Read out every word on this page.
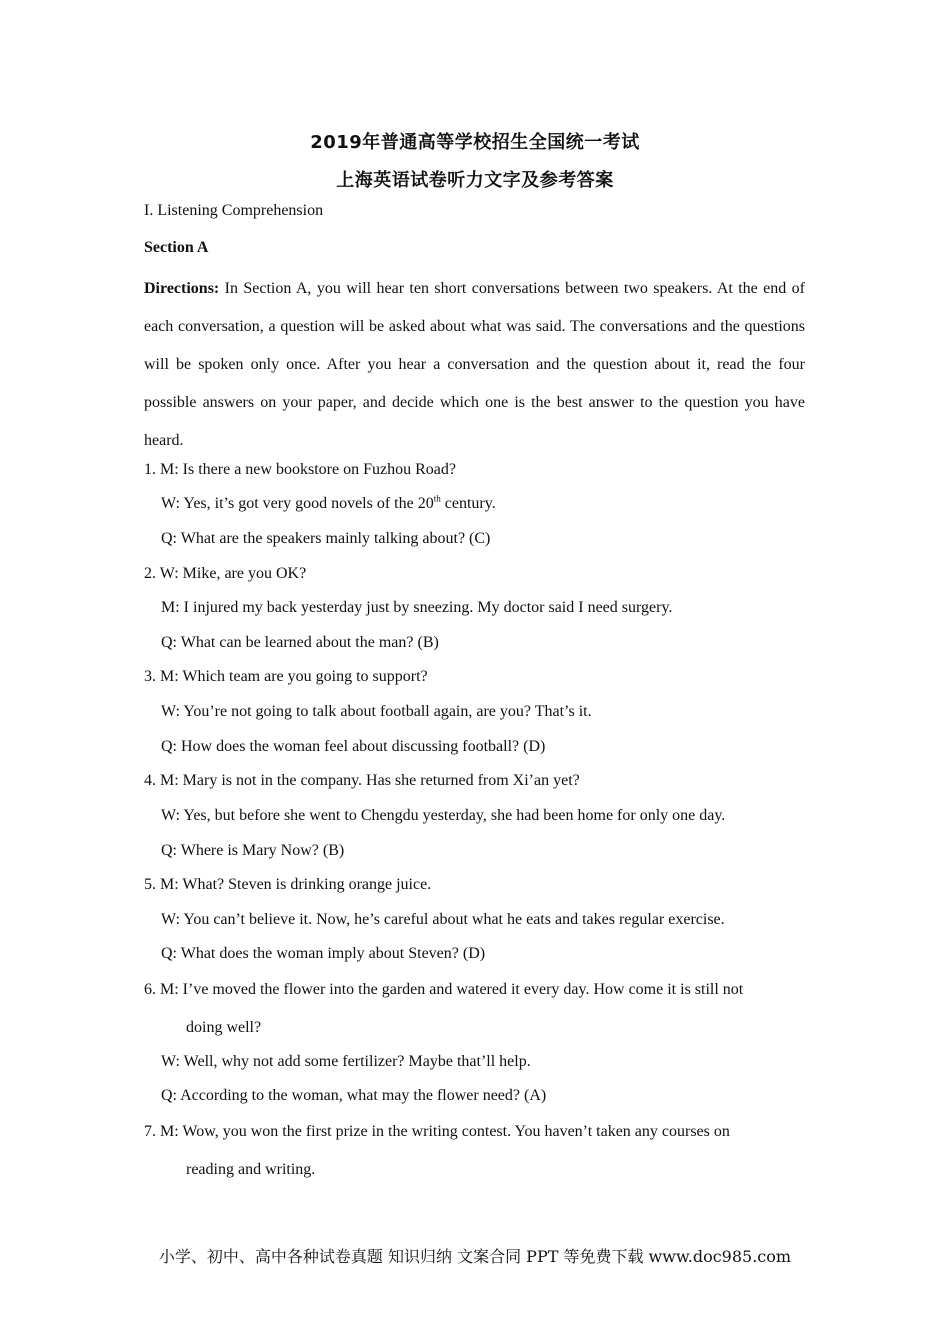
2019年普通高等学校招生全国统一考试
上海英语试卷听力文字及参考答案
I. Listening Comprehension
Section A

Directions: In Section A, you will hear ten short conversations between two speakers. At the end of each conversation, a question will be asked about what was said. The conversations and the questions will be spoken only once. After you hear a conversation and the question about it, read the four possible answers on your paper, and decide which one is the best answer to the question you have heard.

1. M: Is there a new bookstore on Fuzhou Road?
W: Yes, it’s got very good novels of the 20th century.
Q: What are the speakers mainly talking about? (C)
2. W: Mike, are you OK?
M: I injured my back yesterday just by sneezing. My doctor said I need surgery.
Q: What can be learned about the man? (B)
3. M: Which team are you going to support?
W: You’re not going to talk about football again, are you? That’s it.
Q: How does the woman feel about discussing football? (D)
4. M: Mary is not in the company. Has she returned from Xi’an yet?
W: Yes, but before she went to Chengdu yesterday, she had been home for only one day.
Q: Where is Mary Now? (B)
5. M: What? Steven is drinking orange juice.
W: You can’t believe it. Now, he’s careful about what he eats and takes regular exercise.
Q: What does the woman imply about Steven? (D)
6. M: I’ve moved the flower into the garden and watered it every day. How come it is still not
doing well?
W: Well, why not add some fertilizer? Maybe that’ll help.
Q: According to the woman, what may the flower need? (A)
7. M: Wow, you won the first prize in the writing contest. You haven’t taken any courses on
reading and writing.
小学、初中、高中各种试卷真题 知识归纳 文案合同 PPT 等免费下载 www.doc985.com
